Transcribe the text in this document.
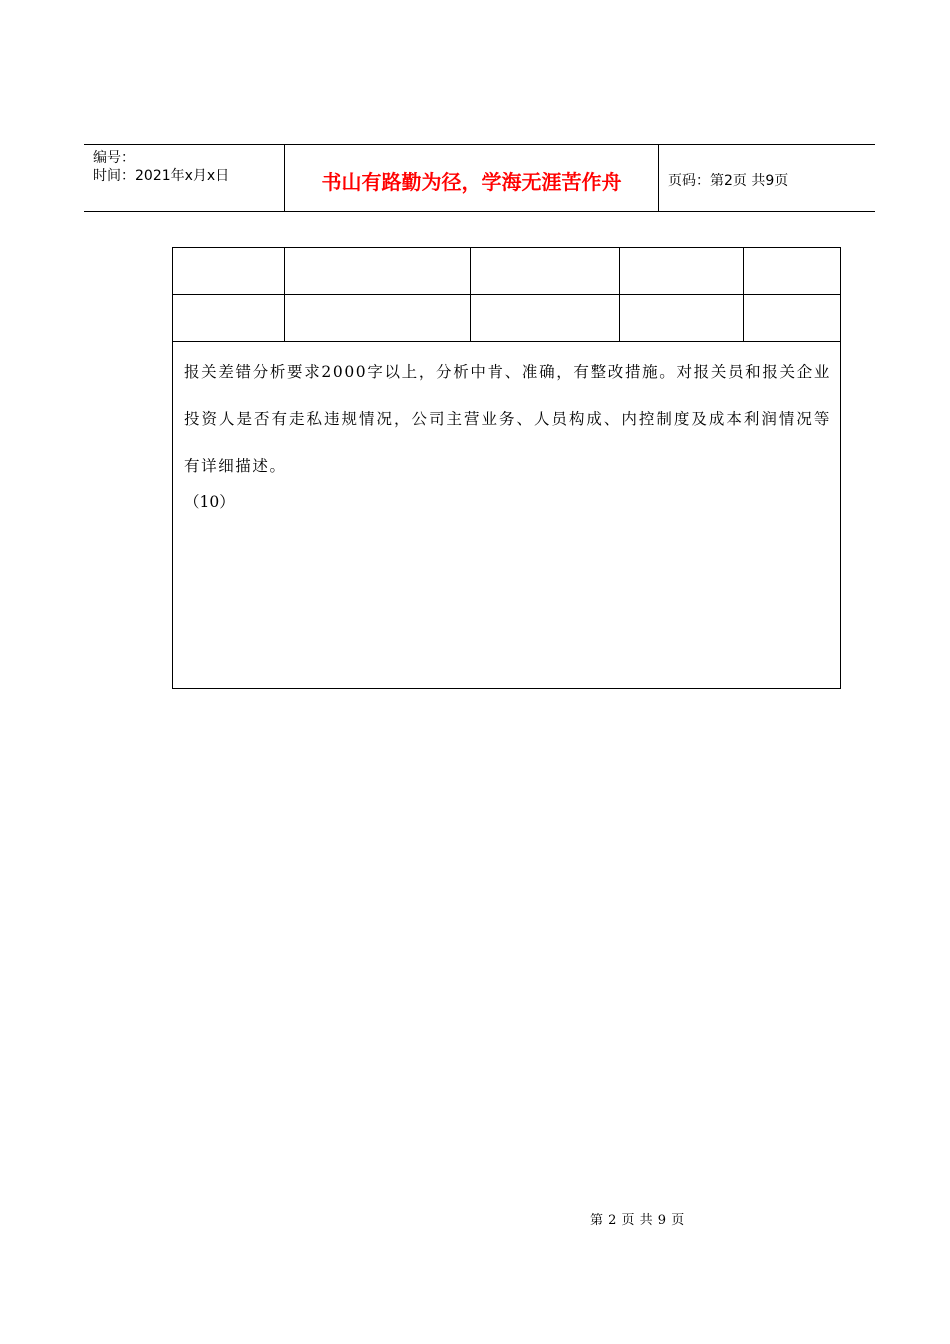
编号：
时间：2021年x月x日	书山有路勤为径，学海无涯苦作舟	页码：第2页 共9页

报关差错分析要求2000字以上，分析中肯、准确，有整改措施。对报关员和报关企业投资人是否有走私违规情况，公司主营业务、人员构成、内控制度及成本利润情况等有详细描述。

（10）				

第 2 页 共 9 页
